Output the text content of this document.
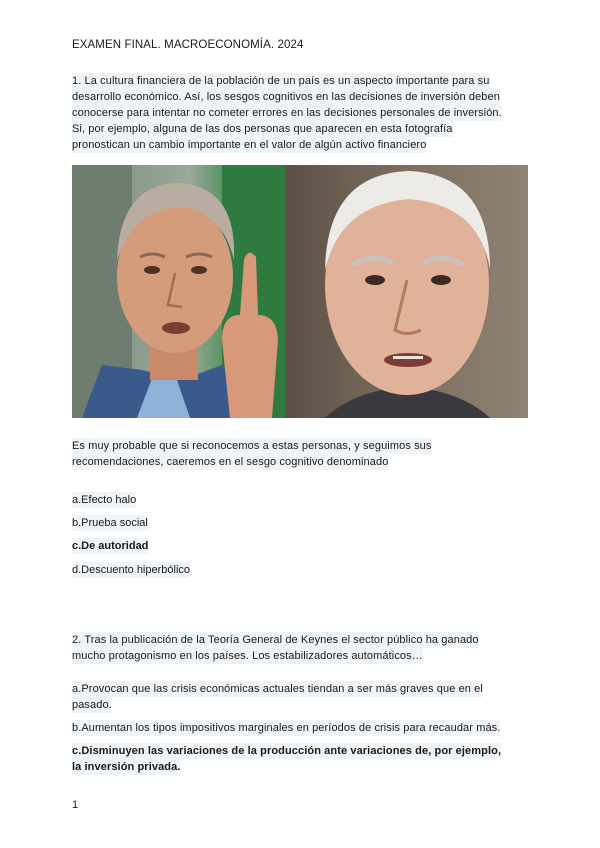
EXAMEN FINAL. MACROECONOMÍA. 2024
1. La cultura financiera de la población de un país es un aspecto importante para su
desarrollo económico. Así, los sesgos cognitivos en las decisiones de inversión deben
conocerse para intentar no cometer errores en las decisiones personales de inversión.
Si, por ejemplo, alguna de las dos personas que aparecen en esta fotografía
pronostican un cambio importante en el valor de algún activo financiero
Es muy probable que si reconocemos a estas personas, y seguimos sus
recomendaciones, caeremos en el sesgo cognitivo denominado
a.Efecto halo
b.Prueba social
c.De autoridad
d.Descuento hiperbólico
2. Tras la publicación de la Teoría General de Keynes el sector público ha ganado
mucho protagonismo en los países. Los estabilizadores automáticos…
a.Provocan que las crisis económicas actuales tiendan a ser más graves que en el
pasado.
b.Aumentan los tipos impositivos marginales en períodos de crisis para recaudar más.
c.Disminuyen las variaciones de la producción ante variaciones de, por ejemplo,
la inversión privada.
1
